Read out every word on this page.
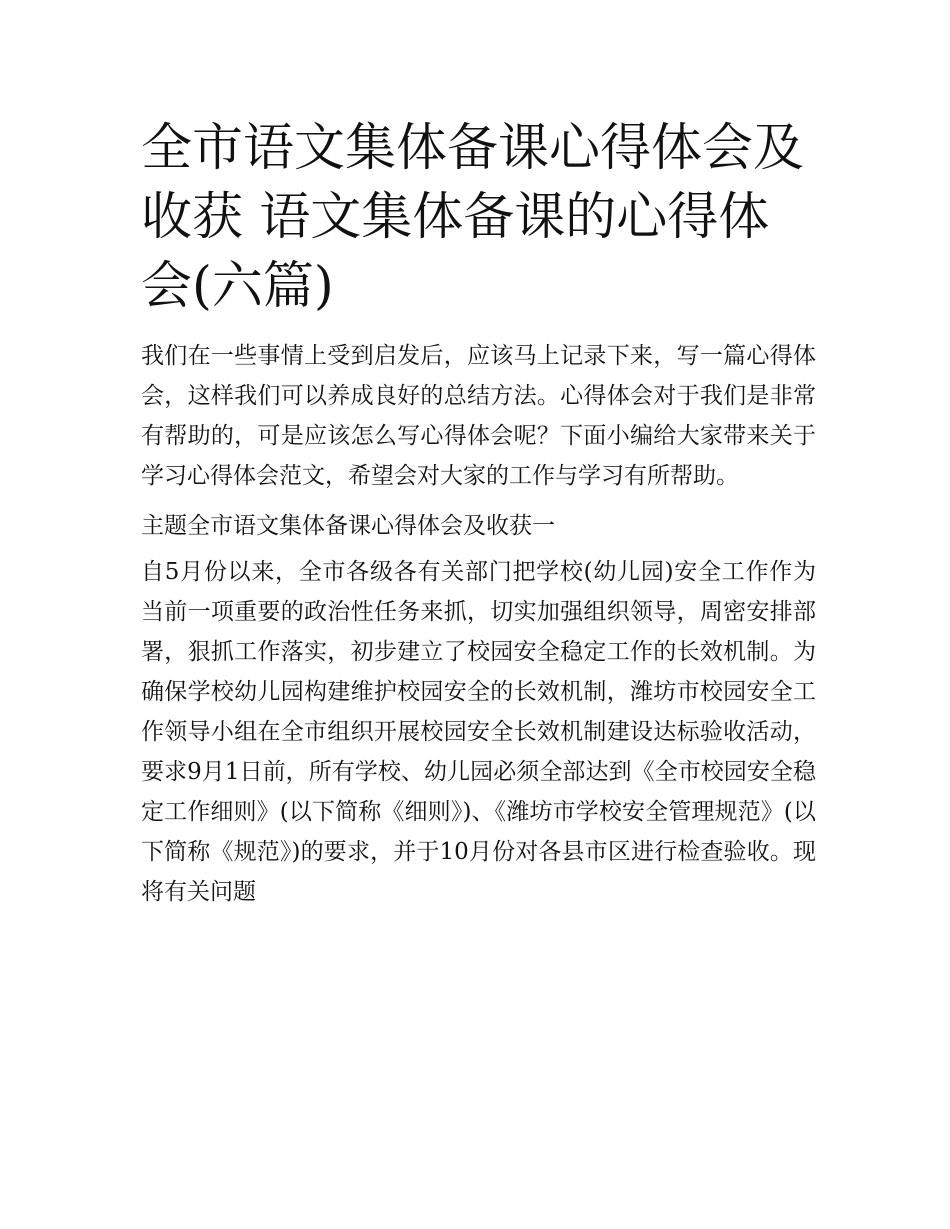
全市语文集体备课心得体会及收获 语文集体备课的心得体会(六篇)

我们在一些事情上受到启发后，应该马上记录下来，写一篇心得体会，这样我们可以养成良好的总结方法。心得体会对于我们是非常有帮助的，可是应该怎么写心得体会呢？下面小编给大家带来关于学习心得体会范文，希望会对大家的工作与学习有所帮助。

主题全市语文集体备课心得体会及收获一

自5月份以来，全市各级各有关部门把学校(幼儿园)安全工作作为当前一项重要的政治性任务来抓，切实加强组织领导，周密安排部署，狠抓工作落实，初步建立了校园安全稳定工作的长效机制。为确保学校幼儿园构建维护校园安全的长效机制，潍坊市校园安全工作领导小组在全市组织开展校园安全长效机制建设达标验收活动，要求9月1日前，所有学校、幼儿园必须全部达到《全市校园安全稳定工作细则》(以下简称《细则》)、《潍坊市学校安全管理规范》(以下简称《规范》)的要求，并于10月份对各县市区进行检查验收。现将有关问题
